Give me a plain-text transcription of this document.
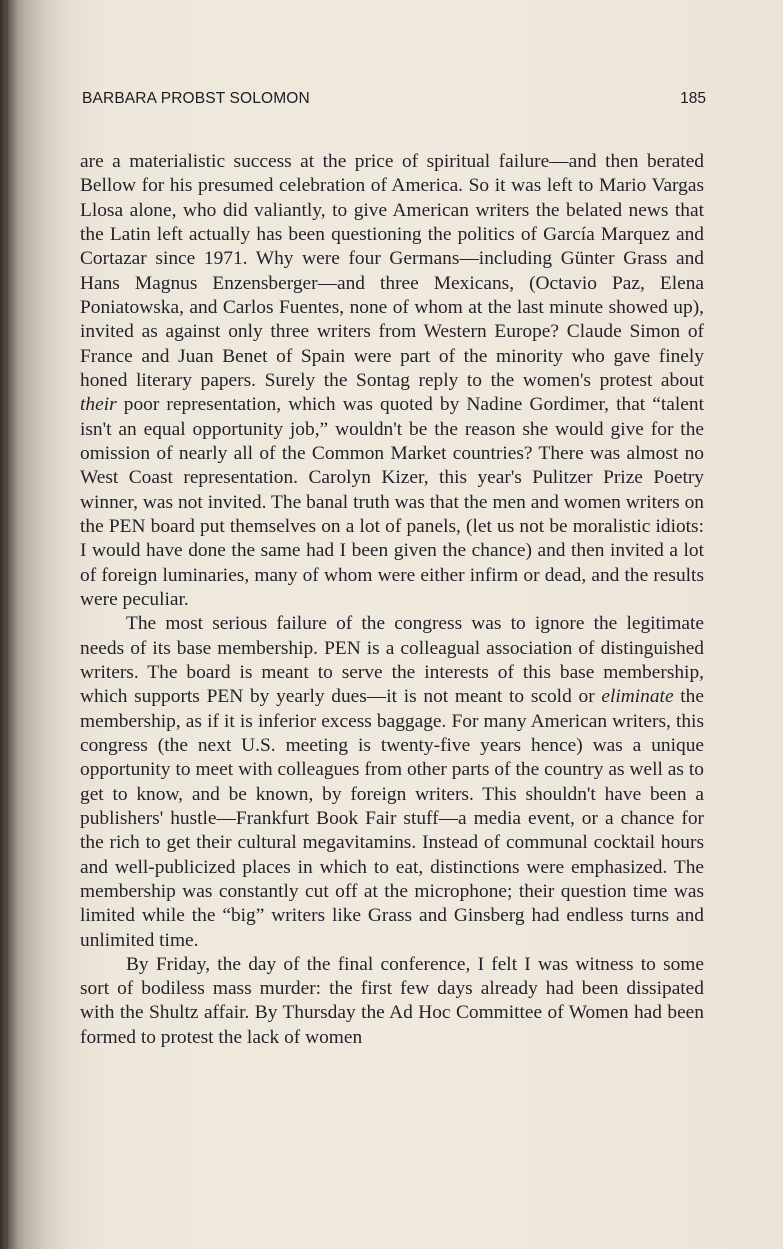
BARBARA PROBST SOLOMON	185

are a materialistic success at the price of spiritual failure—and then berated Bellow for his presumed celebration of America. So it was left to Mario Vargas Llosa alone, who did valiantly, to give American writers the belated news that the Latin left actually has been questioning the politics of García Marquez and Cortazar since 1971. Why were four Germans—including Günter Grass and Hans Magnus Enzensberger—and three Mexicans, (Octavio Paz, Elena Poniatowska, and Carlos Fuentes, none of whom at the last minute showed up), invited as against only three writers from Western Europe? Claude Simon of France and Juan Benet of Spain were part of the minority who gave finely honed literary papers. Surely the Sontag reply to the women's protest about their poor representation, which was quoted by Nadine Gordimer, that “talent isn't an equal opportunity job,” wouldn't be the reason she would give for the omission of nearly all of the Common Market countries? There was almost no West Coast representation. Carolyn Kizer, this year's Pulitzer Prize Poetry winner, was not invited. The banal truth was that the men and women writers on the PEN board put themselves on a lot of panels, (let us not be moralistic idiots: I would have done the same had I been given the chance) and then invited a lot of foreign luminaries, many of whom were either infirm or dead, and the results were peculiar.

The most serious failure of the congress was to ignore the legitimate needs of its base membership. PEN is a colleagual association of distinguished writers. The board is meant to serve the interests of this base membership, which supports PEN by yearly dues—it is not meant to scold or eliminate the membership, as if it is inferior excess baggage. For many American writers, this congress (the next U.S. meeting is twenty-five years hence) was a unique opportunity to meet with colleagues from other parts of the country as well as to get to know, and be known, by foreign writers. This shouldn't have been a publishers' hustle—Frankfurt Book Fair stuff—a media event, or a chance for the rich to get their cultural megavitamins. Instead of communal cocktail hours and well-publicized places in which to eat, distinctions were emphasized. The membership was constantly cut off at the microphone; their question time was limited while the “big” writers like Grass and Ginsberg had endless turns and unlimited time.

By Friday, the day of the final conference, I felt I was witness to some sort of bodiless mass murder: the first few days already had been dissipated with the Shultz affair. By Thursday the Ad Hoc Committee of Women had been formed to protest the lack of women
